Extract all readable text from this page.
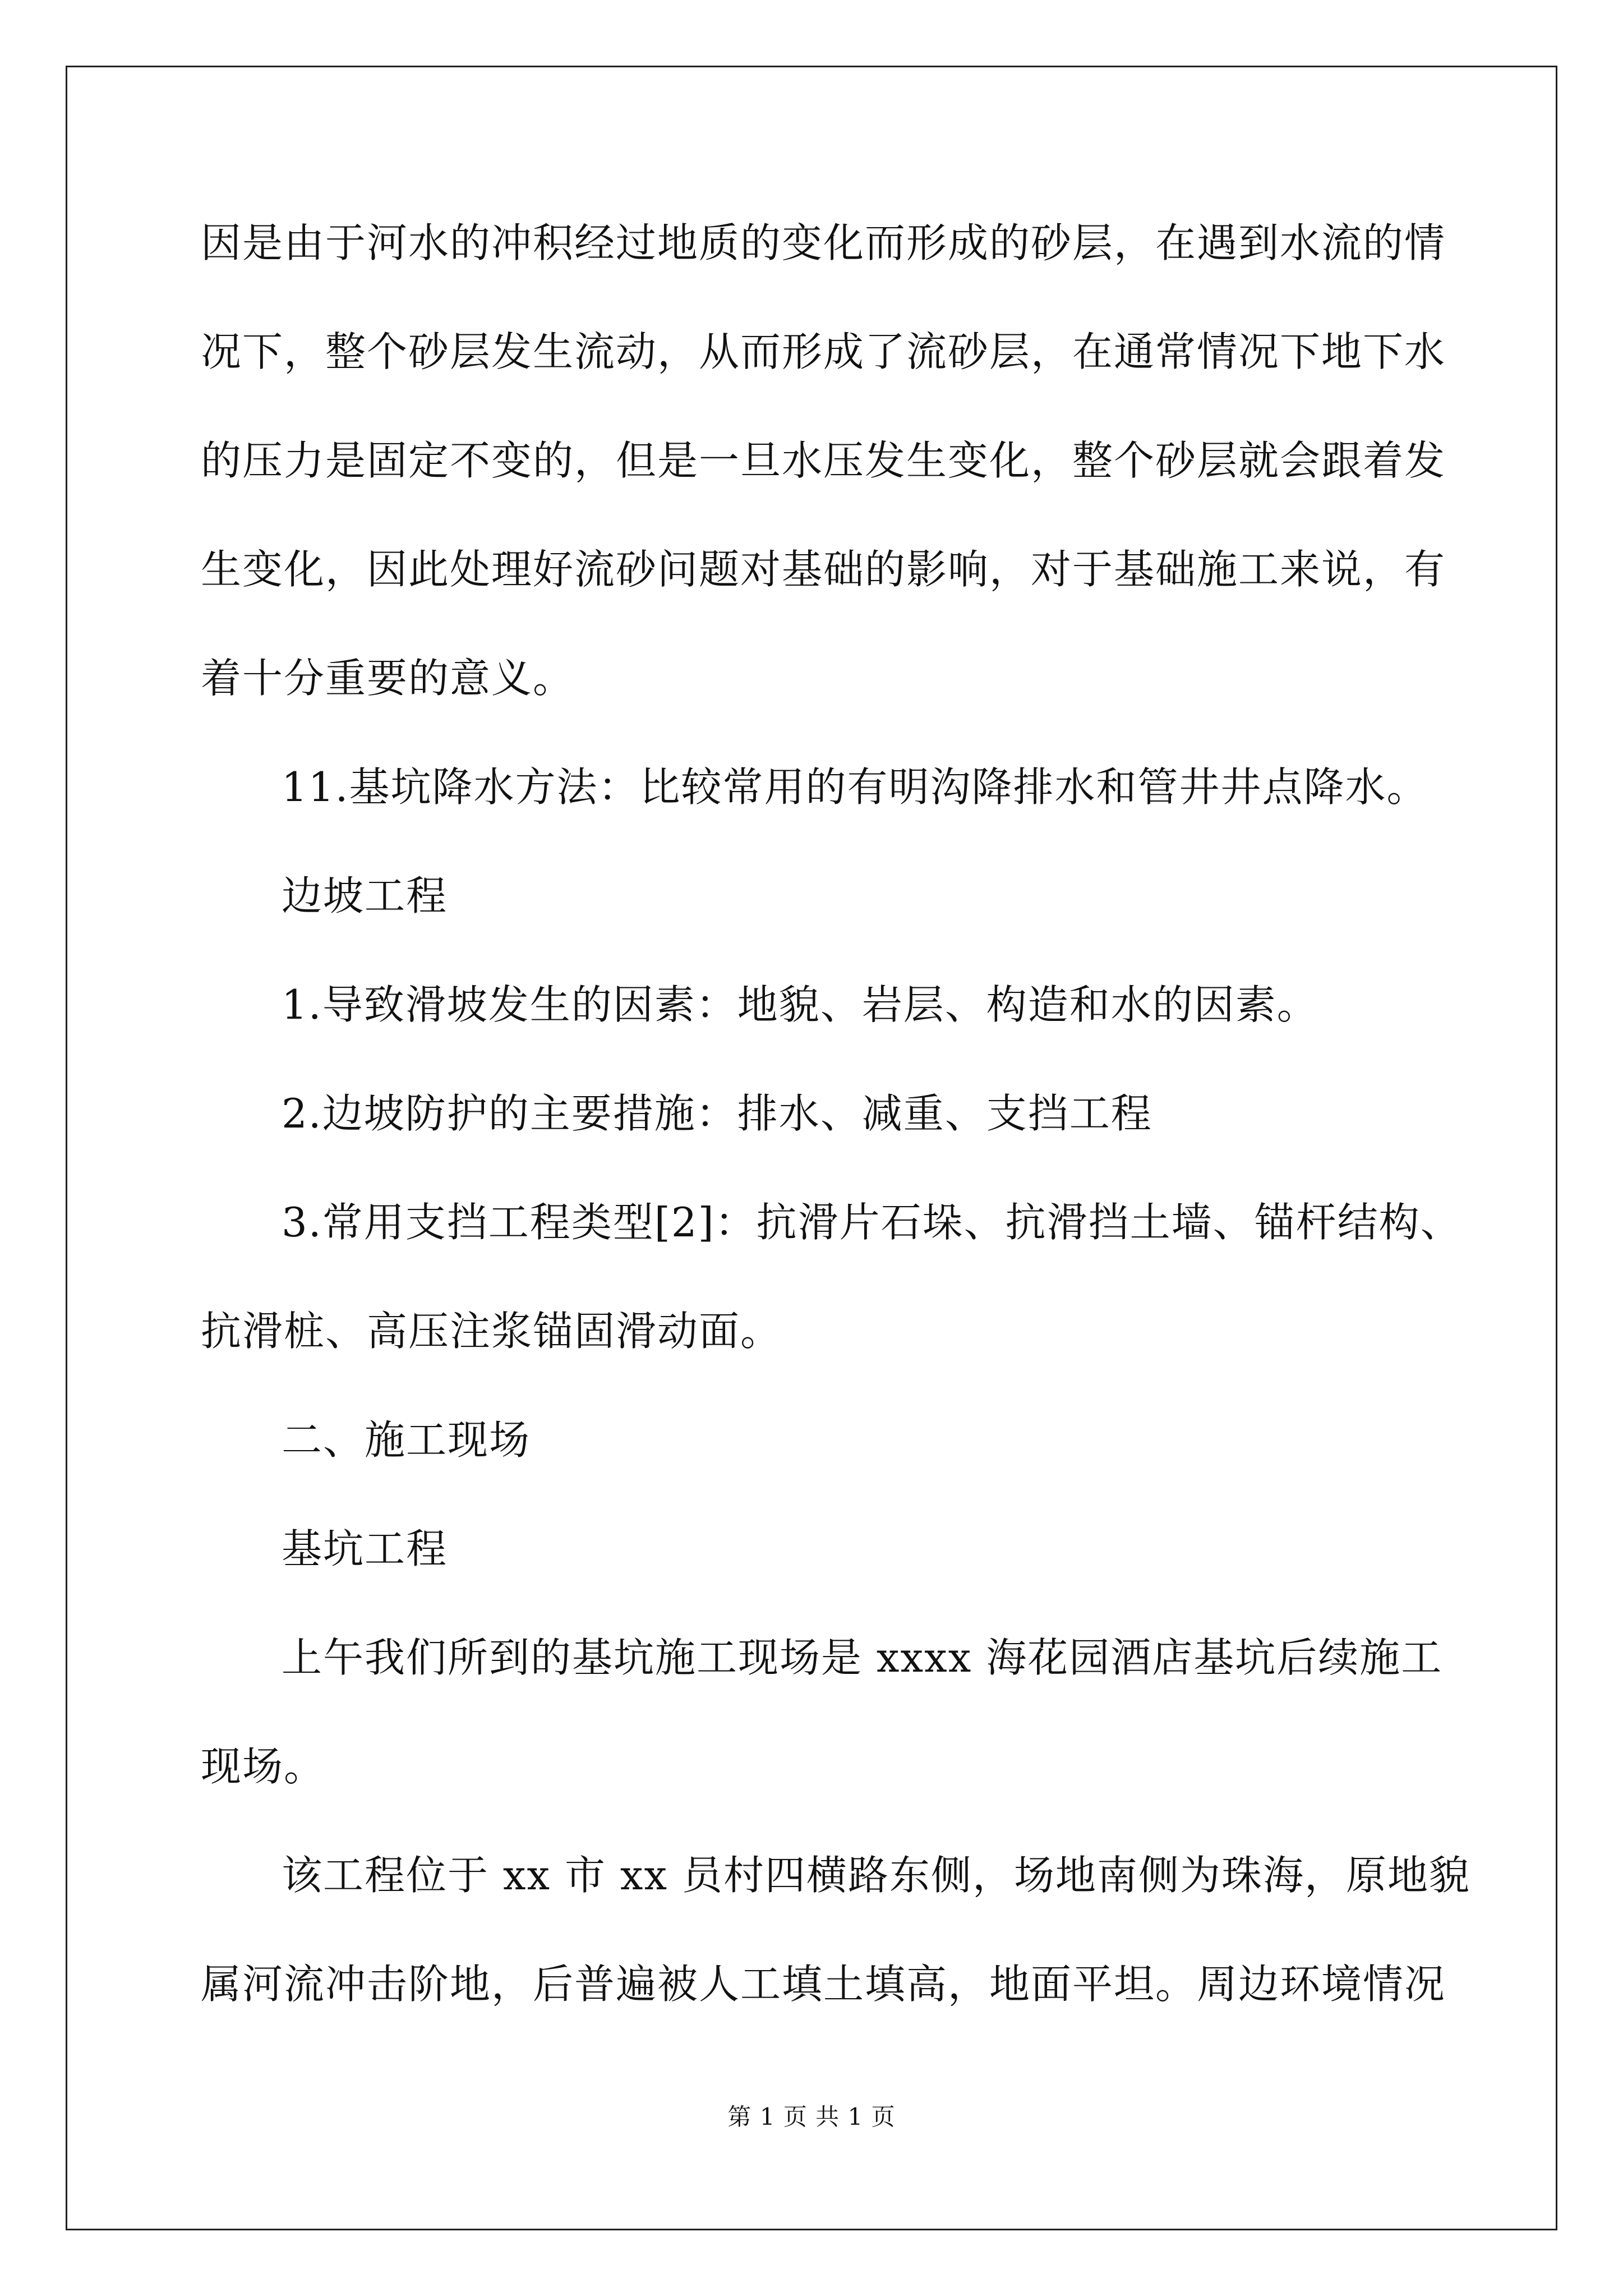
因是由于河水的冲积经过地质的变化而形成的砂层，在遇到水流的情
况下，整个砂层发生流动，从而形成了流砂层，在通常情况下地下水
的压力是固定不变的，但是一旦水压发生变化，整个砂层就会跟着发
生变化，因此处理好流砂问题对基础的影响，对于基础施工来说，有
着十分重要的意义。
11.基坑降水方法：比较常用的有明沟降排水和管井井点降水。
边坡工程
1.导致滑坡发生的因素：地貌、岩层、构造和水的因素。
2.边坡防护的主要措施：排水、减重、支挡工程
3.常用支挡工程类型[2]：抗滑片石垛、抗滑挡土墙、锚杆结构、
抗滑桩、高压注浆锚固滑动面。
二、施工现场
基坑工程
上午我们所到的基坑施工现场是 xxxx 海花园酒店基坑后续施工
现场。
该工程位于 xx 市 xx 员村四横路东侧，场地南侧为珠海，原地貌
属河流冲击阶地，后普遍被人工填土填高，地面平坦。周边环境情况
第 1 页 共 1 页
